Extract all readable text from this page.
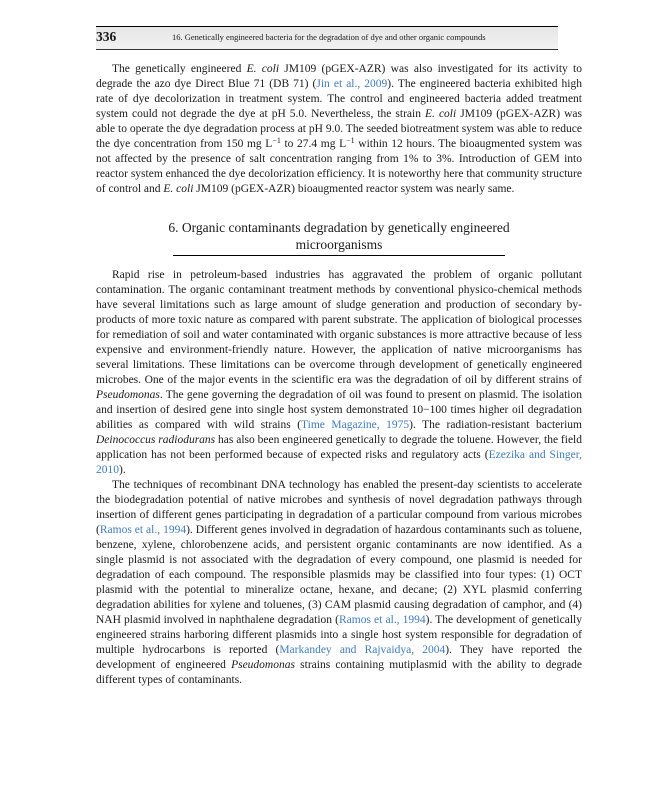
336	16. Genetically engineered bacteria for the degradation of dye and other organic compounds

The genetically engineered E. coli JM109 (pGEX-AZR) was also investigated for its activity to degrade the azo dye Direct Blue 71 (DB 71) (Jin et al., 2009). The engineered bacteria exhibited high rate of dye decolorization in treatment system. The control and engineered bacteria added treatment system could not degrade the dye at pH 5.0. Nevertheless, the strain E. coli JM109 (pGEX-AZR) was able to operate the dye degradation process at pH 9.0. The seeded biotreatment system was able to reduce the dye concentration from 150 mg $L^{-1}$ to 27.4 mg $L^{-1}$ within 12 hours. The bioaugmented system was not affected by the presence of salt concentration ranging from 1% to 3%. Introduction of GEM into reactor system enhanced the dye decolorization efficiency. It is noteworthy here that community structure of control and E. coli JM109 (pGEX-AZR) bioaugmented reactor system was nearly same.

6. Organic contaminants degradation by genetically engineered
microorganisms

Rapid rise in petroleum-based industries has aggravated the problem of organic pollutant contamination. The organic contaminant treatment methods by conventional physico-chemical methods have several limitations such as large amount of sludge generation and production of secondary by-products of more toxic nature as compared with parent substrate. The application of biological processes for remediation of soil and water contaminated with organic substances is more attractive because of less expensive and environment-friendly nature. However, the application of native microorganisms has several limitations. These limitations can be overcome through development of genetically engineered microbes. One of the major events in the scientific era was the degradation of oil by different strains of Pseudomonas. The gene governing the degradation of oil was found to present on plasmid. The isolation and insertion of desired gene into single host system demonstrated 10−100 times higher oil degradation abilities as compared with wild strains (Time Magazine, 1975). The radiation-resistant bacterium Deinococcus radiodurans has also been engineered genetically to degrade the toluene. However, the field application has not been performed because of expected risks and regulatory acts (Ezezika and Singer, 2010).

The techniques of recombinant DNA technology has enabled the present-day scientists to accelerate the biodegradation potential of native microbes and synthesis of novel degradation pathways through insertion of different genes participating in degradation of a particular compound from various microbes (Ramos et al., 1994). Different genes involved in degradation of hazardous contaminants such as toluene, benzene, xylene, chlorobenzene acids, and persistent organic contaminants are now identified. As a single plasmid is not associated with the degradation of every compound, one plasmid is needed for degradation of each compound. The responsible plasmids may be classified into four types: (1) OCT plasmid with the potential to mineralize octane, hexane, and decane; (2) XYL plasmid conferring degradation abilities for xylene and toluenes, (3) CAM plasmid causing degradation of camphor, and (4) NAH plasmid involved in naphthalene degradation (Ramos et al., 1994). The development of genetically engineered strains harboring different plasmids into a single host system responsible for degradation of multiple hydrocarbons is reported (Markandey and Rajvaidya, 2004). They have reported the development of engineered Pseudomonas strains containing mutiplasmid with the ability to degrade different types of contaminants.
